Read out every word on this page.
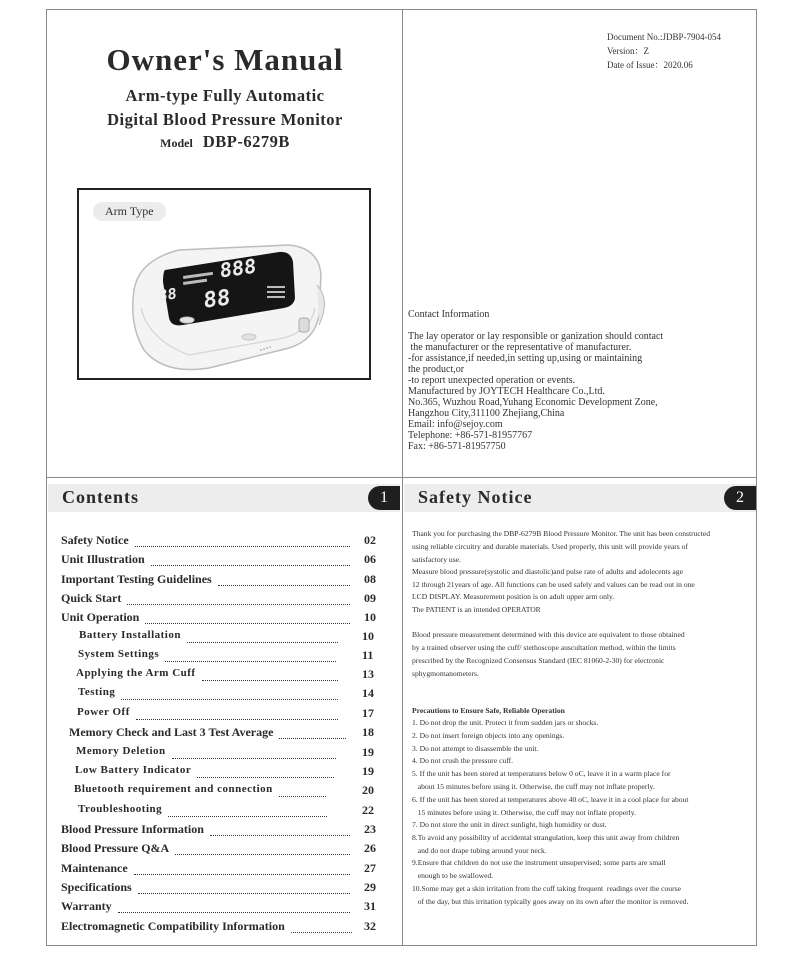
Owner's Manual
Arm-type Fully Automatic
Digital Blood Pressure Monitor
Model DBP-6279B
Arm Type
888
88
88
Document No.:JDBP-7904-054
Version：Z
Date of Issue：2020.06
Contact Information
The lay operator or lay responsible or ganization should contact
the manufacturer or the representative of manufacturer.
-for assistance,if needed,in setting up,using or maintaining
the product,or
-to report unexpected operation or events.
Manufactured by JOYTECH Healthcare Co.,Ltd.
No.365, Wuzhou Road,Yuhang Economic Development Zone,
Hangzhou City,311100 Zhejiang,China
Email: info@sejoy.com
Telephone: +86-571-81957767
Fax: +86-571-81957750
Contents	1	Safety Notice	2
Safety Notice	02
Unit Illustration	06
Important Testing Guidelines	08
Quick Start	09
Unit Operation	10
Battery Installation	10
System Settings	11
Applying the Arm Cuff	13
Testing	14
Power Off	17
Memory Check and Last 3 Test Average	18
Memory Deletion	19
Low Battery Indicator	19
Bluetooth requirement and connection	20
Troubleshooting	22
Blood Pressure Information	23
Blood Pressure Q&A	26
Maintenance	27
Specifications	29
Warranty	31
Electromagnetic Compatibility Information	32
Thank you for purchasing the DBP-6279B Blood Pressure Monitor. The unit has been constructed
using reliable circuitry and durable materials. Used properly, this unit will provide years of
satisfactory use.
Measure blood pressure(systolic and diastolic)and pulse rate of adults and adolecents age
12 through 21years of age. All functions can be used safely and values can be read out in one
LCD DISPLAY. Measurement position is on adult upper arm only.
The PATIENT is an intended OPERATOR
Blood pressure measurement determined with this device are equivalent to those obtained
by a trained observer using the cuff/ stethoscope auscultation method, within the limits
prescribed by the Recognized Consensus Standard (IEC 81060-2-30) for electronic
sphygmomanometers.
Precautions to Ensure Safe, Reliable Operation
1. Do not drop the unit. Protect it from sudden jars or shocks.
2. Do not insert foreign objects into any openings.
3. Do not attempt to disassemble the unit.
4. Do not crush the pressure cuff.
5. If the unit has been stored at temperatures below 0 oC, leave it in a warm place for
about 15 minutes before using it. Otherwise, the cuff may not inflate properly.
6. If the unit has been stored at temperatures above 40 oC, leave it in a cool place for about
15 minutes before using it. Otherwise, the cuff may not inflate properly.
7. Do not store the unit in direct sunlight, high humidity or dust.
8.To avoid any possibility of accidental strangulation, keep this unit away from children
and do not drape tubing around your neck.
9.Ensure that children do not use the instrument unsupervised; some parts are small
enough to be swallowed.
10.Some may get a skin irritation from the cuff taking frequent  readings over the course
of the day, but this irritation typically goes away on its own after the monitor is removed.
